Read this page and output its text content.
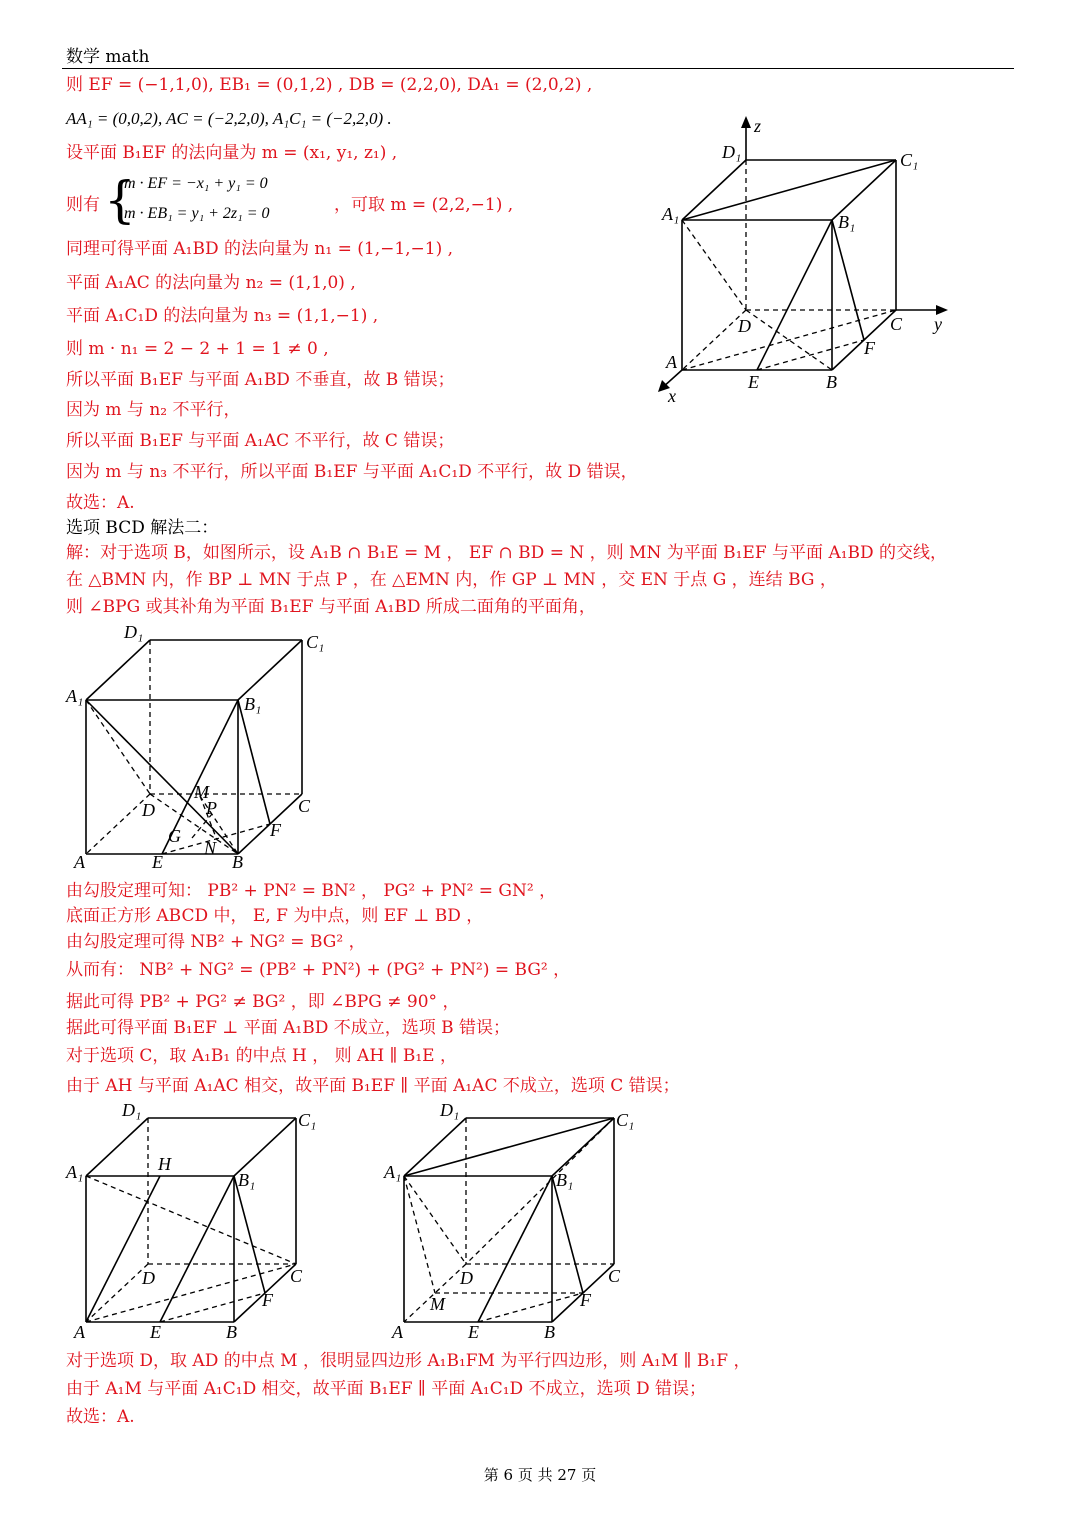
数学 math
则 EF = (−1,1,0), EB₁ = (0,1,2) , DB = (2,2,0), DA₁ = (2,0,2) ,
AA₁ = (0,0,2), AC = (−2,2,0), A₁C₁ = (−2,2,0) .
设平面 B₁EF 的法向量为 m = (x₁, y₁, z₁) ,
则有 {
m · EF = −x₁ + y₁ = 0
m · EB₁ = y₁ + 2z₁ = 0	，可取 m = (2,2,−1) ,
同理可得平面 A₁BD 的法向量为 n₁ = (1,−1,−1) ,
平面 A₁AC 的法向量为 n₂ = (1,1,0) ,
平面 A₁C₁D 的法向量为 n₃ = (1,1,−1) ,
则 m · n₁ = 2 − 2 + 1 = 1 ≠ 0 ,
所以平面 B₁EF 与平面 A₁BD 不垂直，故 B 错误；
因为 m 与 n₂ 不平行，
所以平面 B₁EF 与平面 A₁AC 不平行，故 C 错误；
因为 m 与 n₃ 不平行，所以平面 B₁EF 与平面 A₁C₁D 不平行，故 D 错误，
故选：A.
选项 BCD 解法二：
解：对于选项 B，如图所示，设 A₁B ∩ B₁E = M ， EF ∩ BD = N ，则 MN 为平面 B₁EF 与平面 A₁BD 的交线，
在 △BMN 内，作 BP ⊥ MN 于点 P ，在 △EMN 内，作 GP ⊥ MN ，交 EN 于点 G ，连结 BG ，
则 ∠BPG 或其补角为平面 B₁EF 与平面 A₁BD 所成二面角的平面角，
z
y
x
D₁	C₁
A₁	B₁
D	C
A
E	B
F
D₁	C₁
A₁	B₁
D	C
A	E	B
F
M
P
G
N
由勾股定理可知： PB² + PN² = BN² ， PG² + PN² = GN² ，
底面正方形 ABCD 中， E, F 为中点，则 EF ⊥ BD ，
由勾股定理可得 NB² + NG² = BG² ，
从而有： NB² + NG² = (PB² + PN²) + (PG² + PN²) = BG² ，
据此可得 PB² + PG² ≠ BG² ，即 ∠BPG ≠ 90° ，
据此可得平面 B₁EF ⊥ 平面 A₁BD 不成立，选项 B 错误；
对于选项 C，取 A₁B₁ 的中点 H ， 则 AH ∥ B₁E ，
由于 AH 与平面 A₁AC 相交，故平面 B₁EF ∥ 平面 A₁AC 不成立，选项 C 错误；
D₁	C₁
A₁	H
B₁
D	C
A	E	B
F
D₁	C₁
A₁	B₁
D	C
A
M
E	B
F
对于选项 D，取 AD 的中点 M ，很明显四边形 A₁B₁FM 为平行四边形，则 A₁M ∥ B₁F ，
由于 A₁M 与平面 A₁C₁D 相交，故平面 B₁EF ∥ 平面 A₁C₁D 不成立，选项 D 错误；
故选：A.
第 6 页 共 27 页
